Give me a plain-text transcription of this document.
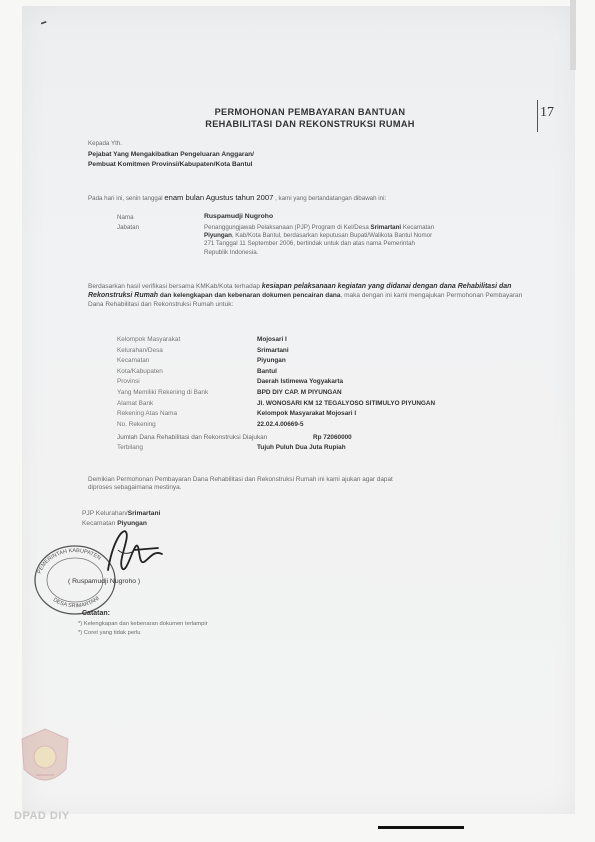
-
17
PERMOHONAN PEMBAYARAN BANTUAN
REHABILITASI DAN REKONSTRUKSI RUMAH
Kepada Yth.
Pejabat Yang Mengakibatkan Pengeluaran Anggaran/
Pembuat Komitmen Provinsi/Kabupaten/Kota Bantul
Pada hari ini, senin tanggal enam bulan Agustus tahun 2007 , kami yang bertandatangan dibawah ini:
Nama	Ruspamudji Nugroho
Jabatan	Penanggungjawab Pelaksanaan (PJP) Program di Kel/Desa Srimartani Kecamatan
Piyungan, Kab/Kota Bantul, berdasarkan keputusan Bupati/Walikota Bantul Nomor
271 Tanggal 11 September 2006, bertindak untuk dan atas nama Pemerintah
Republik Indonesia.
Berdasarkan hasil verifikasi bersama KMKab/Kota terhadap kesiapan pelaksanaan kegiatan yang didanai dengan dana Rehabilitasi dan Rekonstruksi Rumah dan kelengkapan dan kebenaran dokumen pencairan dana, maka dengan ini kami mengajukan Permohonan Pembayaran Dana Rehabilitasi dan Rekonstruksi Rumah untuk:
Kelompok Masyarakat	Mojosari I
Kelurahan/Desa	Srimartani
Kecamatan	Piyungan
Kota/Kabupaten	Bantul
Provinsi	Daerah Istimewa Yogyakarta
Yang Memiliki Rekening di Bank	BPD DIY CAP. M PIYUNGAN
Alamat Bank	Jl. WONOSARI KM 12 TEGALYOSO SITIMULYO PIYUNGAN
Rekening Atas Nama	Kelompok Masyarakat Mojosari I
No. Rekening	22.02.4.00669-5
Jumlah Dana Rehabilitasi dan Rekonstruksi Diajukan	Rp 72060000
Terbilang	Tujuh Puluh Dua Juta Rupiah
Demikian Permohonan Pembayaran Dana Rehabilitasi dan Rekonstruksi Rumah ini kami ajukan agar dapat
diproses sebagaimana mestinya.
PJP Kelurahan/Srimartani
Kecamatan Piyungan
PEMERINTAH KABUPATEN
DESA SRIMARTANI
( Ruspamudji Nugroho )
Catatan:
*) Kelengkapan dan kebenaran dokumen terlampir
*) Coret yang tidak perlu
DPAD DIY
